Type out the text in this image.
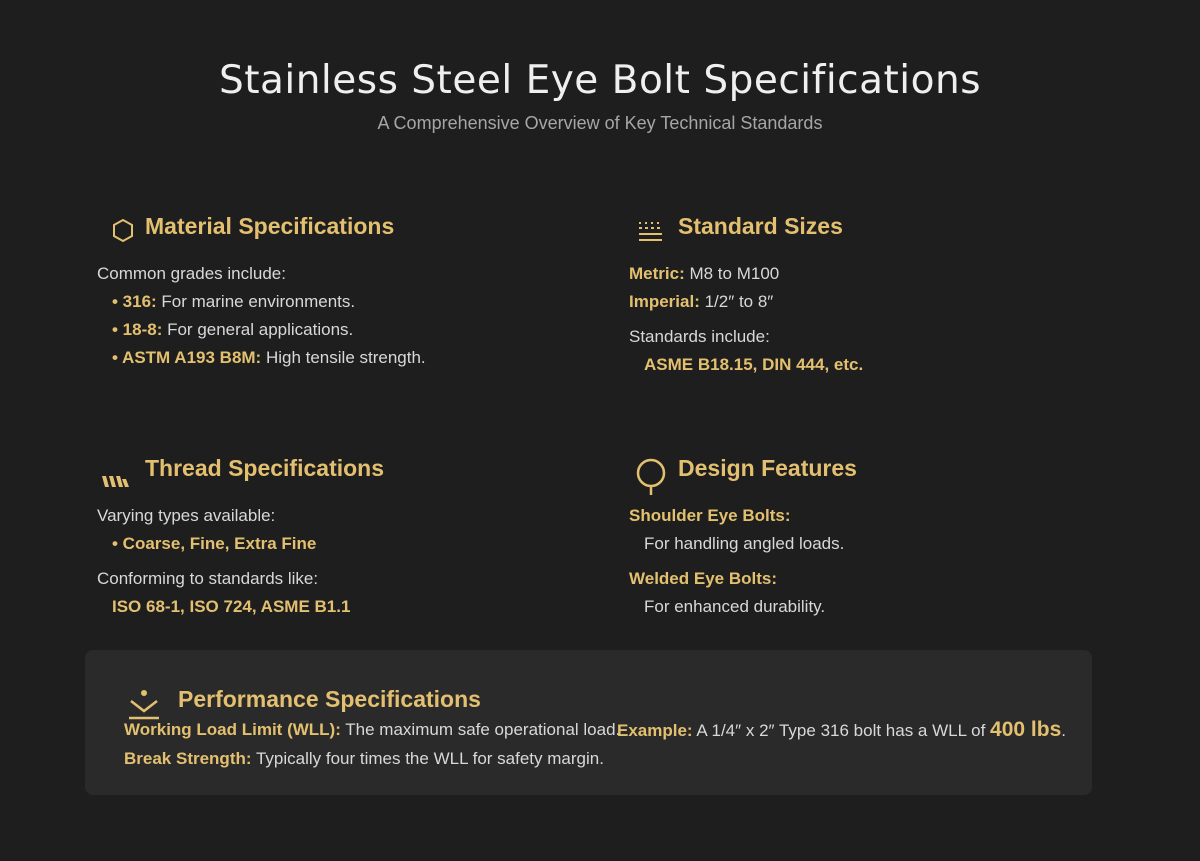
Stainless Steel Eye Bolt Specifications
A Comprehensive Overview of Key Technical Standards
Material Specifications
Common grades include:
• 316: For marine environments.
• 18-8: For general applications.
• ASTM A193 B8M: High tensile strength.
Standard Sizes
Metric: M8 to M100
Imperial: 1/2″ to 8″
Standards include:
ASME B18.15, DIN 444, etc.
Thread Specifications
Varying types available:
• Coarse, Fine, Extra Fine
Conforming to standards like:
ISO 68-1, ISO 724, ASME B1.1
Design Features
Shoulder Eye Bolts:
For handling angled loads.
Welded Eye Bolts:
For enhanced durability.
Performance Specifications
Working Load Limit (WLL): The maximum safe operational load.
Break Strength: Typically four times the WLL for safety margin.
Example: A 1/4″ x 2″ Type 316 bolt has a WLL of 400 lbs.
